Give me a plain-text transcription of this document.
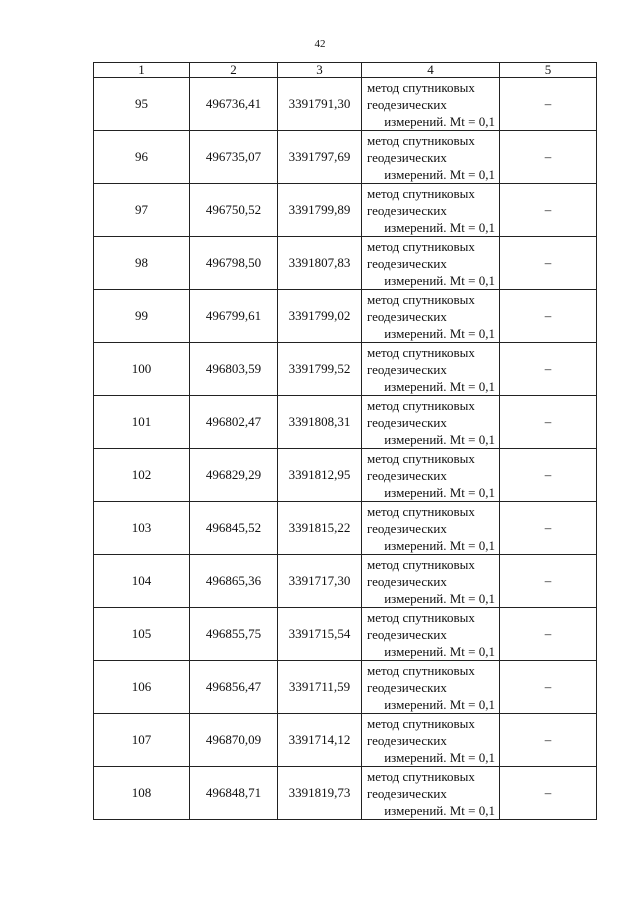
42
1	2	3	4	5
95	496736,41	3391791,30	метод спутниковых
геодезических
измерений. Mt = 0,1	–
96	496735,07	3391797,69	метод спутниковых
геодезических
измерений. Mt = 0,1	–
97	496750,52	3391799,89	метод спутниковых
геодезических
измерений. Mt = 0,1	–
98	496798,50	3391807,83	метод спутниковых
геодезических
измерений. Mt = 0,1	–
99	496799,61	3391799,02	метод спутниковых
геодезических
измерений. Mt = 0,1	–
100	496803,59	3391799,52	метод спутниковых
геодезических
измерений. Mt = 0,1	–
101	496802,47	3391808,31	метод спутниковых
геодезических
измерений. Mt = 0,1	–
102	496829,29	3391812,95	метод спутниковых
геодезических
измерений. Mt = 0,1	–
103	496845,52	3391815,22	метод спутниковых
геодезических
измерений. Mt = 0,1	–
104	496865,36	3391717,30	метод спутниковых
геодезических
измерений. Mt = 0,1	–
105	496855,75	3391715,54	метод спутниковых
геодезических
измерений. Mt = 0,1	–
106	496856,47	3391711,59	метод спутниковых
геодезических
измерений. Mt = 0,1	–
107	496870,09	3391714,12	метод спутниковых
геодезических
измерений. Mt = 0,1	–
108	496848,71	3391819,73	метод спутниковых
геодезических
измерений. Mt = 0,1	–
